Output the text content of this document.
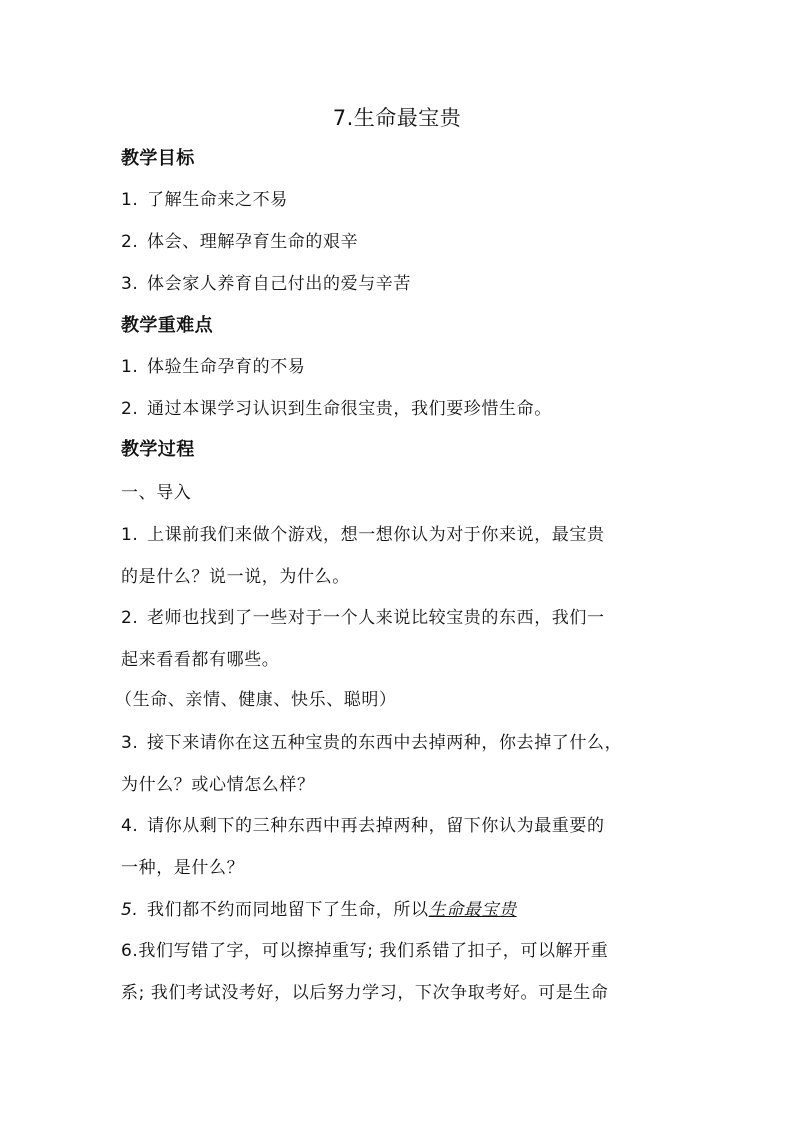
7.生命最宝贵
教学目标
1. 了解生命来之不易
2. 体会、理解孕育生命的艰辛
3. 体会家人养育自己付出的爱与辛苦
教学重难点
1. 体验生命孕育的不易
2. 通过本课学习认识到生命很宝贵，我们要珍惜生命。
教学过程
一、导入
1. 上课前我们来做个游戏，想一想你认为对于你来说，最宝贵
的是什么？说一说，为什么。
2. 老师也找到了一些对于一个人来说比较宝贵的东西，我们一
起来看看都有哪些。
（生命、亲情、健康、快乐、聪明）
3. 接下来请你在这五种宝贵的东西中去掉两种，你去掉了什么，
为什么？或心情怎么样？
4. 请你从剩下的三种东西中再去掉两种，留下你认为最重要的
一种，是什么？
5. 我们都不约而同地留下了生命，所以生命最宝贵
6.我们写错了字，可以擦掉重写; 我们系错了扣子，可以解开重
系; 我们考试没考好，以后努力学习，下次争取考好。可是生命
